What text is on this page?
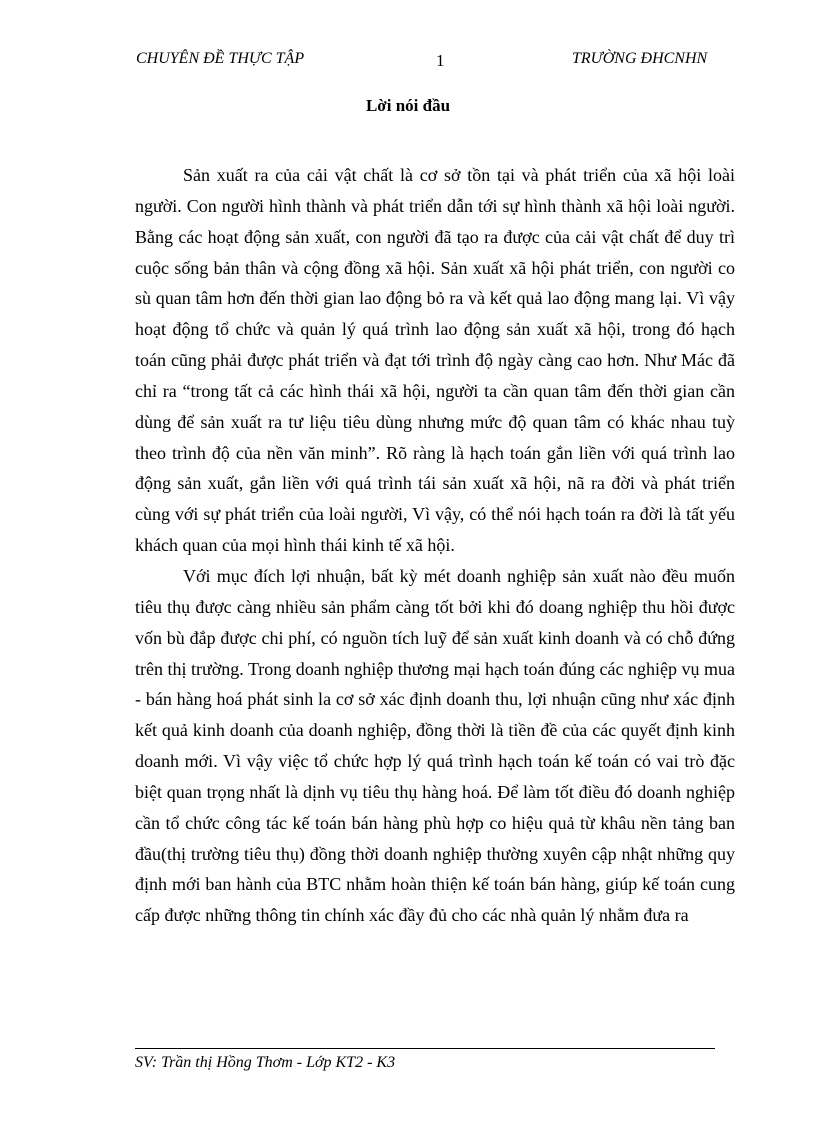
CHUYÊN ĐỀ THỰC TẬP	1	TRƯỜNG ĐHCNHN
Lời nói đầu

Sản xuất ra của cải vật chất là cơ sở tồn tại và phát triển của xã hội loài người. Con người hình thành và phát triển dẫn tới sự hình thành xã hội loài người. Bằng các hoạt động sản xuất, con người đã tạo ra được của cải vật chất để duy trì cuộc sống bản thân và cộng đồng xã hội. Sản xuất xã hội phát triển, con người co sù quan tâm hơn đến thời gian lao động bỏ ra và kết quả lao động mang lại. Vì vậy hoạt động tổ chức và quản lý quá trình lao động sản xuất xã hội, trong đó hạch toán cũng phải được phát triển và đạt tới trình độ ngày càng cao hơn. Như Mác đã chỉ ra “trong tất cả các hình thái xã hội, người ta cần quan tâm đến thời gian cần dùng để sản xuất ra tư liệu tiêu dùng nhưng mức độ quan tâm có khác nhau tuỳ theo trình độ của nền văn minh”. Rõ ràng là hạch toán gắn liền với quá trình lao động sản xuất, gắn liền với quá trình tái sản xuất xã hội, nã ra đời và phát triển cùng với sự phát triển của loài người, Vì vậy, có thể nói hạch toán ra đời là tất yếu khách quan của mọi hình thái kinh tế xã hội.

Với mục đích lợi nhuận, bất kỳ mét doanh nghiệp sản xuất nào đều muốn tiêu thụ được càng nhiều sản phẩm càng tốt bởi khi đó doang nghiệp thu hồi được vốn bù đắp được chi phí, có nguồn tích luỹ để sản xuất kinh doanh và có chỗ đứng trên thị trường. Trong doanh nghiệp thương mại hạch toán đúng các nghiệp vụ mua - bán hàng hoá phát sinh la cơ sở xác định doanh thu, lợi nhuận cũng như xác định kết quả kinh doanh của doanh nghiệp, đồng thời là tiền đề của các quyết định kinh doanh mới. Vì vậy việc tổ chức hợp lý quá trình hạch toán kế toán có vai trò đặc biệt quan trọng nhất là dịnh vụ tiêu thụ hàng hoá. Để làm tốt điều đó doanh nghiệp cần tổ chức công tác kế toán bán hàng phù hợp co hiệu quả từ khâu nền tảng ban đầu(thị trường tiêu thụ) đồng thời doanh nghiệp thường xuyên cập nhật những quy định mới ban hành của BTC nhằm hoàn thiện kế toán bán hàng, giúp kế toán cung cấp được những thông tin chính xác đầy đủ cho các nhà quản lý nhằm đưa ra

SV: Trần thị Hồng Thơm - Lớp KT2 - K3
